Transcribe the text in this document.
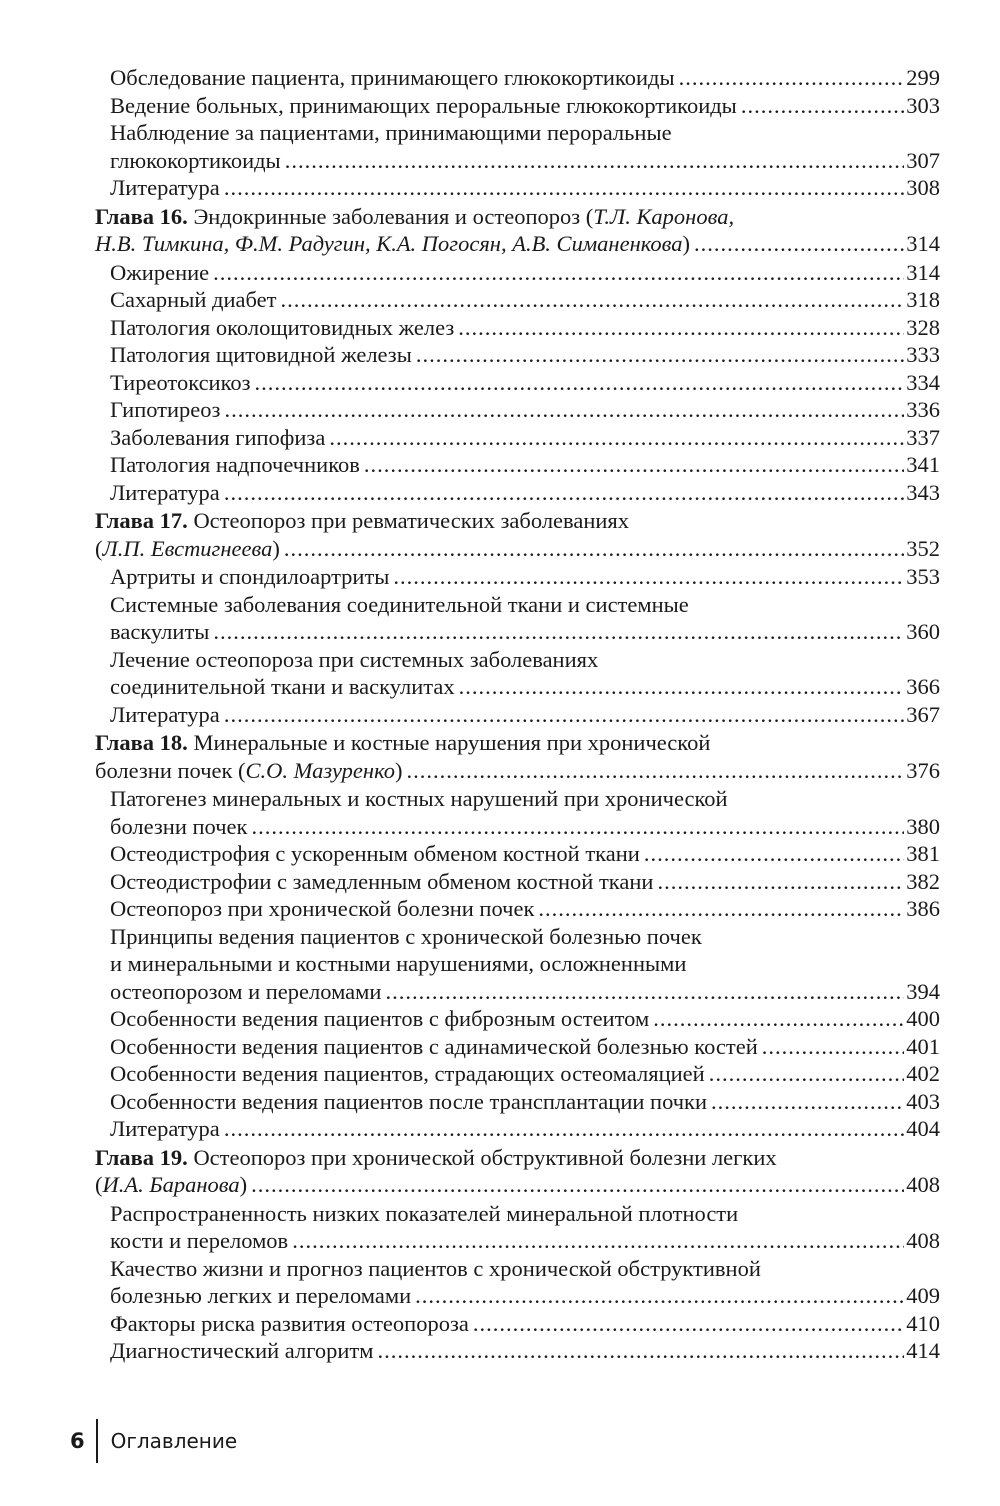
Обследование пациента, принимающего глюкокортикоиды .....	299
Ведение больных, принимающих пероральные глюкокортикоиды .....	303
Наблюдение за пациентами, принимающими пероральные
глюкокортикоиды .....	307
Литература .....	308
Глава 16. Эндокринные заболевания и остеопороз (Т.Л. Каронова,
Н.В. Тимкина, Ф.М. Радугин, К.А. Погосян, А.В. Симаненкова) .....	314
Ожирение .....	314
Сахарный диабет .....	318
Патология околощитовидных желез .....	328
Патология щитовидной железы .....	333
Тиреотоксикоз .....	334
Гипотиреоз .....	336
Заболевания гипофиза .....	337
Патология надпочечников .....	341
Литература .....	343
Глава 17. Остеопороз при ревматических заболеваниях
(Л.П. Евстигнеева) .....	352
Артриты и спондилоартриты .....	353
Системные заболевания соединительной ткани и системные
васкулиты .....	360
Лечение остеопороза при системных заболеваниях
соединительной ткани и васкулитах .....	366
Литература .....	367
Глава 18. Минеральные и костные нарушения при хронической
болезни почек (С.О. Мазуренко) .....	376
Патогенез минеральных и костных нарушений при хронической
болезни почек .....	380
Остеодистрофия с ускоренным обменом костной ткани .....	381
Остеодистрофии с замедленным обменом костной ткани .....	382
Остеопороз при хронической болезни почек .....	386
Принципы ведения пациентов с хронической болезнью почек
и минеральными и костными нарушениями, осложненными
остеопорозом и переломами .....	394
Особенности ведения пациентов с фиброзным остеитом .....	400
Особенности ведения пациентов с адинамической болезнью костей .....	401
Особенности ведения пациентов, страдающих остеомаляцией .....	402
Особенности ведения пациентов после трансплантации почки .....	403
Литература .....	404
Глава 19. Остеопороз при хронической обструктивной болезни легких
(И.А. Баранова) .....	408
Распространенность низких показателей минеральной плотности
кости и переломов .....	408
Качество жизни и прогноз пациентов с хронической обструктивной
болезнью легких и переломами .....	409
Факторы риска развития остеопороза .....	410
Диагностический алгоритм .....	414
6 Оглавление
